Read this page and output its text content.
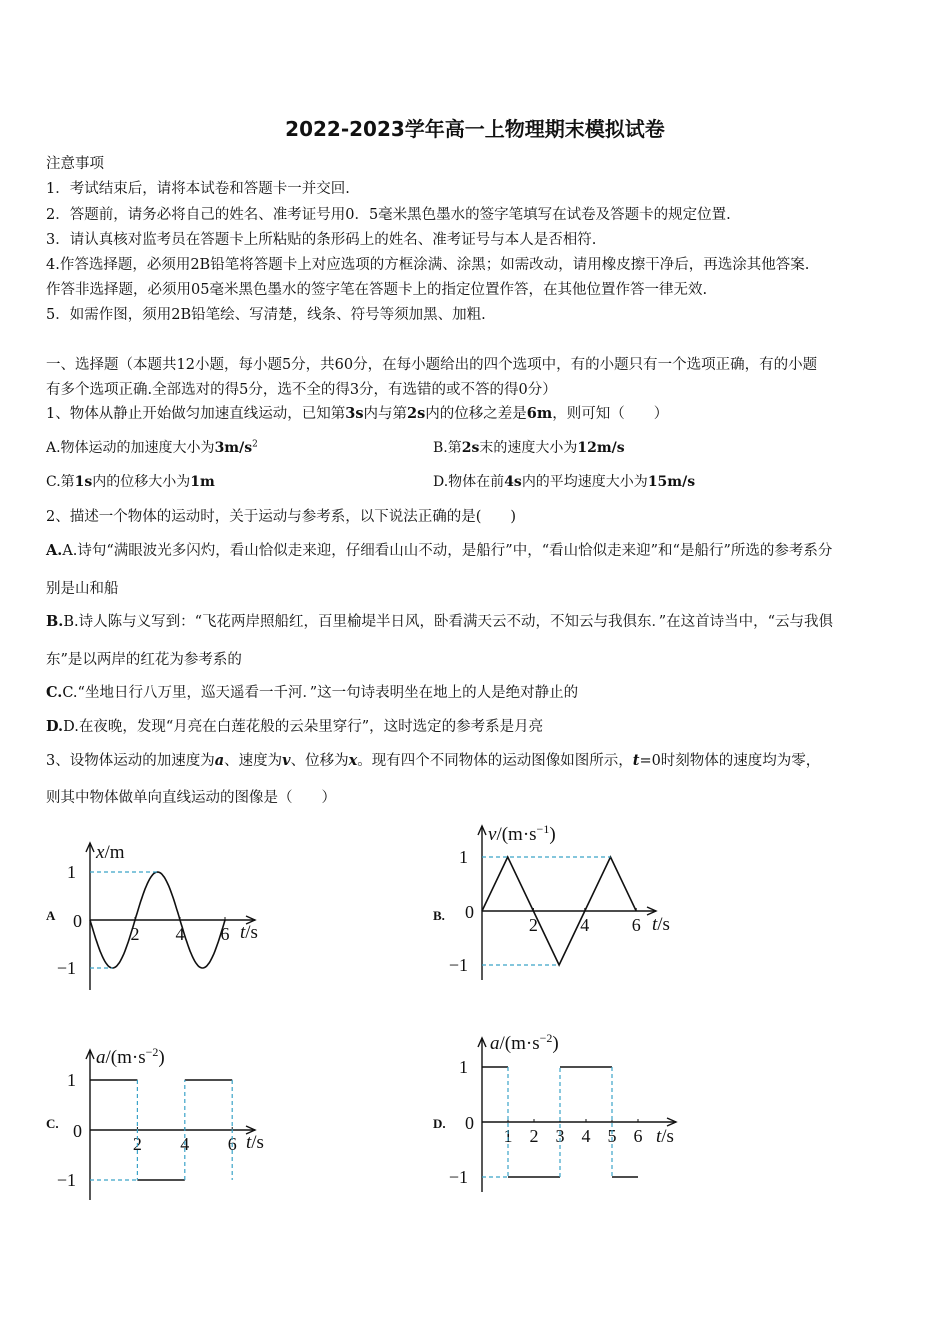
2022-2023学年高一上物理期末模拟试卷
注意事项
1．考试结束后，请将本试卷和答题卡一并交回.
2．答题前，请务必将自己的姓名、准考证号用0．5毫米黑色墨水的签字笔填写在试卷及答题卡的规定位置.
3．请认真核对监考员在答题卡上所粘贴的条形码上的姓名、准考证号与本人是否相符.
4.作答选择题，必须用2B铅笔将答题卡上对应选项的方框涂满、涂黑；如需改动，请用橡皮擦干净后，再选涂其他答案.
作答非选择题，必须用05毫米黑色墨水的签字笔在答题卡上的指定位置作答，在其他位置作答一律无效.
5．如需作图，须用2B铅笔绘、写清楚，线条、符号等须加黑、加粗.
一、选择题（本题共12小题，每小题5分，共60分，在每小题给出的四个选项中，有的小题只有一个选项正确，有的小题
有多个选项正确.全部选对的得5分，选不全的得3分，有选错的或不答的得0分）
1、物体从静止开始做匀加速直线运动，已知第3s内与第2s内的位移之差是6m，则可知（　　）
A.物体运动的加速度大小为$3m/s^2$	B.第2s末的速度大小为12m/s
C.第1s内的位移大小为1m	D.物体在前4s内的平均速度大小为15m/s
2、描述一个物体的运动时，关于运动与参考系，以下说法正确的是(　　)
A.A.诗句“满眼波光多闪灼，看山恰似走来迎，仔细看山山不动，是船行”中，“看山恰似走来迎”和“是船行”所选的参考系分
别是山和船
B.B.诗人陈与义写到：“飞花两岸照船红，百里榆堤半日风，卧看满天云不动，不知云与我俱东．”在这首诗当中，“云与我俱
东”是以两岸的红花为参考系的
C.C.“坐地日行八万里，巡天遥看一千河．”这一句诗表明坐在地上的人是绝对静止的
D.D.在夜晚，发现“月亮在白莲花般的云朵里穿行”，这时选定的参考系是月亮
3、设物体运动的加速度为a、速度为v、位移为x。现有四个不同物体的运动图像如图所示，t=0时刻物体的速度均为零，
则其中物体做单向直线运动的图像是（　　）
A
1
0
−1
x/m
t/s
2 4 6
B.
1
0
−1
$v/(m\cdot s^{-1})$
t/s
2 4 6
C.
1
0
−1
$a/(m\cdot s^{-2})$
t/s
2 4 6
D.
1
0
−1
$a/(m\cdot s^{-2})$
t/s
1 2 3 4 5 6
